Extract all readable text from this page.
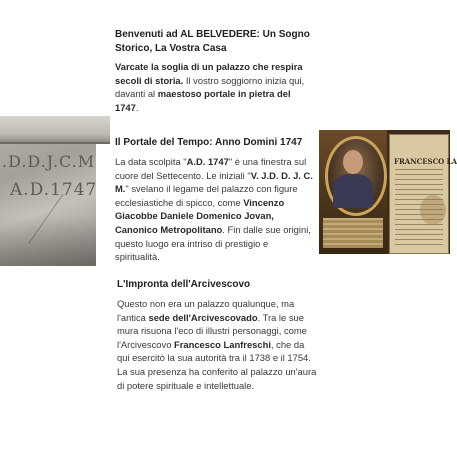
.D.D.J.C.M
A.D.1747
FRANCESCO LA
Benvenuti ad AL BELVEDERE: Un Sogno Storico, La Vostra Casa

Varcate la soglia di un palazzo che respira secoli di storia. Il vostro soggiorno inizia qui, davanti al maestoso portale in pietra del 1747.

Il Portale del Tempo: Anno Domini 1747

La data scolpita "A.D. 1747" è una finestra sul cuore del Settecento. Le iniziali "V. J.D. D. J. C. M." svelano il legame del palazzo con figure ecclesiastiche di spicco, come Vincenzo Giacobbe Daniele Domenico Jovan, Canonico Metropolitano. Fin dalle sue origini, questo luogo era intriso di prestigio e spiritualità.

L'Impronta dell'Arcivescovo

Questo non era un palazzo qualunque, ma l'antica sede dell'Arcivescovado. Tra le sue mura risuona l'eco di illustri personaggi, come l'Arcivescovo Francesco Lanfreschi, che da qui esercitò la sua autorità tra il 1738 e il 1754. La sua presenza ha conferito al palazzo un'aura di potere spirituale e intellettuale.
